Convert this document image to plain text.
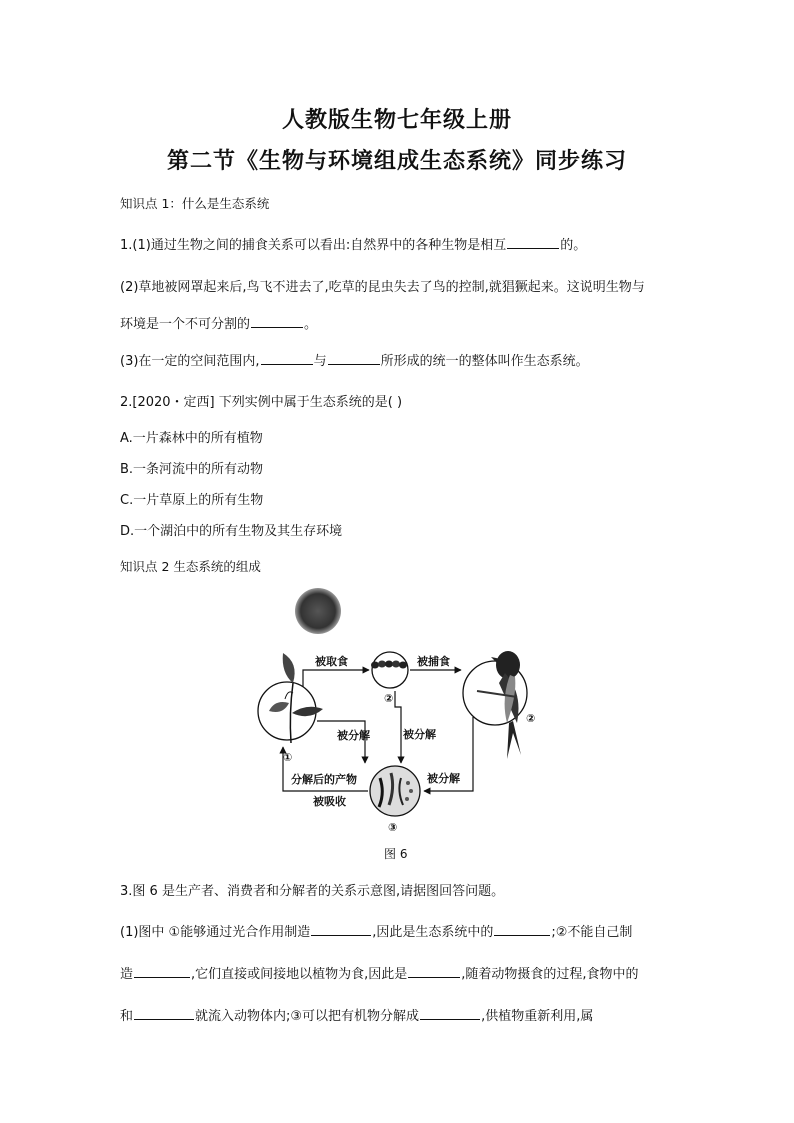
人教版生物七年级上册
第二节《生物与环境组成生态系统》同步练习
知识点 1：什么是生态系统
1.(1)通过生物之间的捕食关系可以看出:自然界中的各种生物是相互	的。
(2)草地被网罩起来后,鸟飞不进去了,吃草的昆虫失去了鸟的控制,就猖獗起来。这说明生物与
环境是一个不可分割的	。
(3)在一定的空间范围内,	与	所形成的统一的整体叫作生态系统。
2.[2020・定西] 下列实例中属于生态系统的是( )
A.一片森林中的所有植物
B.一条河流中的所有动物
C.一片草原上的所有生物
D.一个湖泊中的所有生物及其生存环境
知识点 2 生态系统的组成
①
②
②
③
被取食	被捕食
被分解	被分解
被分解
分解后的产物
被吸收
图 6
3.图 6 是生产者、消费者和分解者的关系示意图,请据图回答问题。
(1)图中 ①能够通过光合作用制造	,因此是生态系统中的	;②不能自己制
造	,它们直接或间接地以植物为食,因此是	,随着动物摄食的过程,食物中的
和	就流入动物体内;③可以把有机物分解成	,供植物重新利用,属
